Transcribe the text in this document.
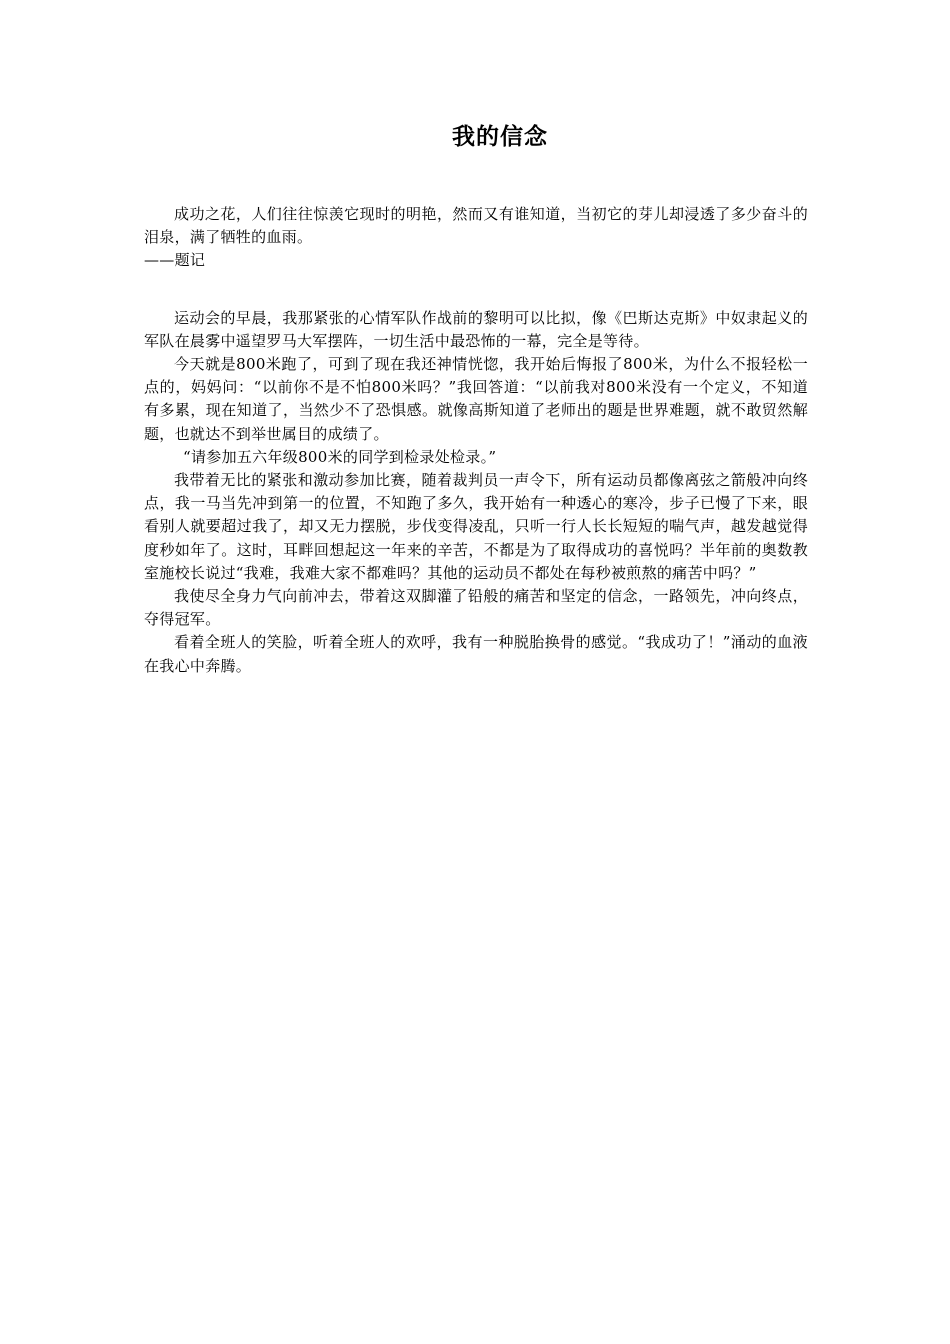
我的信念

成功之花，人们往往惊羡它现时的明艳，然而又有谁知道，当初它的芽儿却浸透了多少奋斗的泪泉，满了牺牲的血雨。

——题记

运动会的早晨，我那紧张的心情军队作战前的黎明可以比拟，像《巴斯达克斯》中奴隶起义的军队在晨雾中遥望罗马大军摆阵，一切生活中最恐怖的一幕，完全是等待。

今天就是800米跑了，可到了现在我还神情恍惚，我开始后悔报了800米，为什么不报轻松一点的，妈妈问：“以前你不是不怕800米吗？”我回答道：“以前我对800米没有一个定义，不知道有多累，现在知道了，当然少不了恐惧感。就像高斯知道了老师出的题是世界难题，就不敢贸然解题，也就达不到举世属目的成绩了。

“请参加五六年级800米的同学到检录处检录。”

我带着无比的紧张和激动参加比赛，随着裁判员一声令下，所有运动员都像离弦之箭般冲向终点，我一马当先冲到第一的位置，不知跑了多久，我开始有一种透心的寒冷，步子已慢了下来，眼看别人就要超过我了，却又无力摆脱，步伐变得凌乱，只听一行人长长短短的喘气声，越发越觉得度秒如年了。这时，耳畔回想起这一年来的辛苦，不都是为了取得成功的喜悦吗？半年前的奥数教室施校长说过“我难，我难大家不都难吗？其他的运动员不都处在每秒被煎熬的痛苦中吗？”

我使尽全身力气向前冲去，带着这双脚灌了铅般的痛苦和坚定的信念，一路领先，冲向终点，夺得冠军。

看着全班人的笑脸，听着全班人的欢呼，我有一种脱胎换骨的感觉。“我成功了！”涌动的血液在我心中奔腾。
